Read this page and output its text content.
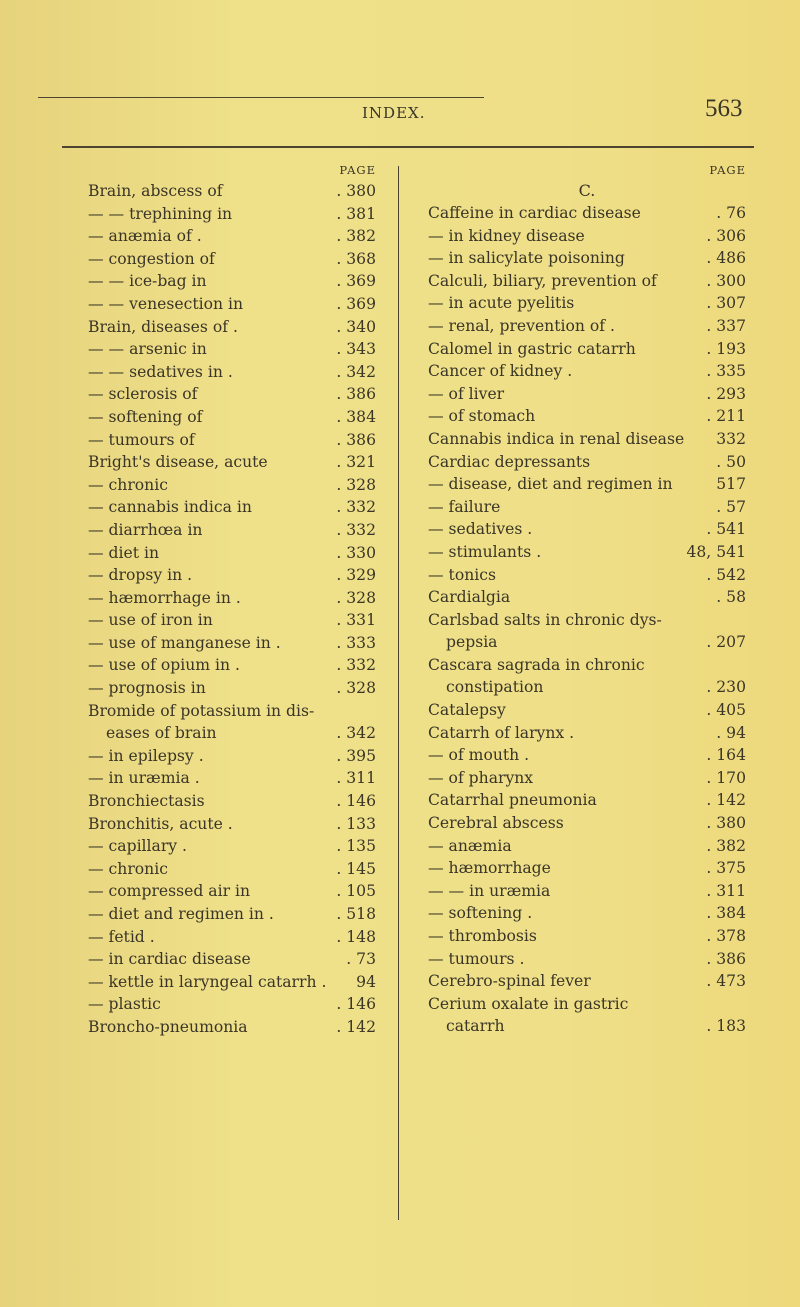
INDEX.	563
PAGE
Brain, abscess of	. 380
— — trephining in	. 381
— anæmia of .	. 382
— congestion of	. 368
— — ice-bag in	. 369
— — venesection in	. 369
Brain, diseases of .	. 340
— — arsenic in	. 343
— — sedatives in .	. 342
— sclerosis of	. 386
— softening of	. 384
— tumours of	. 386
Bright's disease, acute	. 321
— chronic	. 328
— cannabis indica in	. 332
— diarrhœa in	. 332
— diet in	. 330
— dropsy in .	. 329
— hæmorrhage in .	. 328
— use of iron in	. 331
— use of manganese in .	. 333
— use of opium in .	. 332
— prognosis in	. 328
Bromide of potassium in dis-
eases of brain	. 342
— in epilepsy .	. 395
— in uræmia .	. 311
Bronchiectasis	. 146
Bronchitis, acute .	. 133
— capillary .	. 135
— chronic	. 145
— compressed air in	. 105
— diet and regimen in .	. 518
— fetid .	. 148
— in cardiac disease	. 73
— kettle in laryngeal catarrh . 94
— plastic	. 146
Broncho-pneumonia	. 142
PAGE
C.
Caffeine in cardiac disease	. 76
— in kidney disease	. 306
— in salicylate poisoning	. 486
Calculi, biliary, prevention of	. 300
— in acute pyelitis	. 307
— renal, prevention of .	. 337
Calomel in gastric catarrh	. 193
Cancer of kidney .	. 335
— of liver	. 293
— of stomach	. 211
Cannabis indica in renal disease 332
Cardiac depressants	. 50
— disease, diet and regimen in	517
— failure	. 57
— sedatives .	. 541
— stimulants .	48, 541
— tonics	. 542
Cardialgia	. 58
Carlsbad salts in chronic dys-
pepsia	. 207
Cascara sagrada in chronic
constipation	. 230
Catalepsy	. 405
Catarrh of larynx .	. 94
— of mouth .	. 164
— of pharynx	. 170
Catarrhal pneumonia	. 142
Cerebral abscess	. 380
— anæmia	. 382
— hæmorrhage	. 375
— — in uræmia	. 311
— softening .	. 384
— thrombosis	. 378
— tumours .	. 386
Cerebro-spinal fever	. 473
Cerium oxalate in gastric
catarrh	. 183
